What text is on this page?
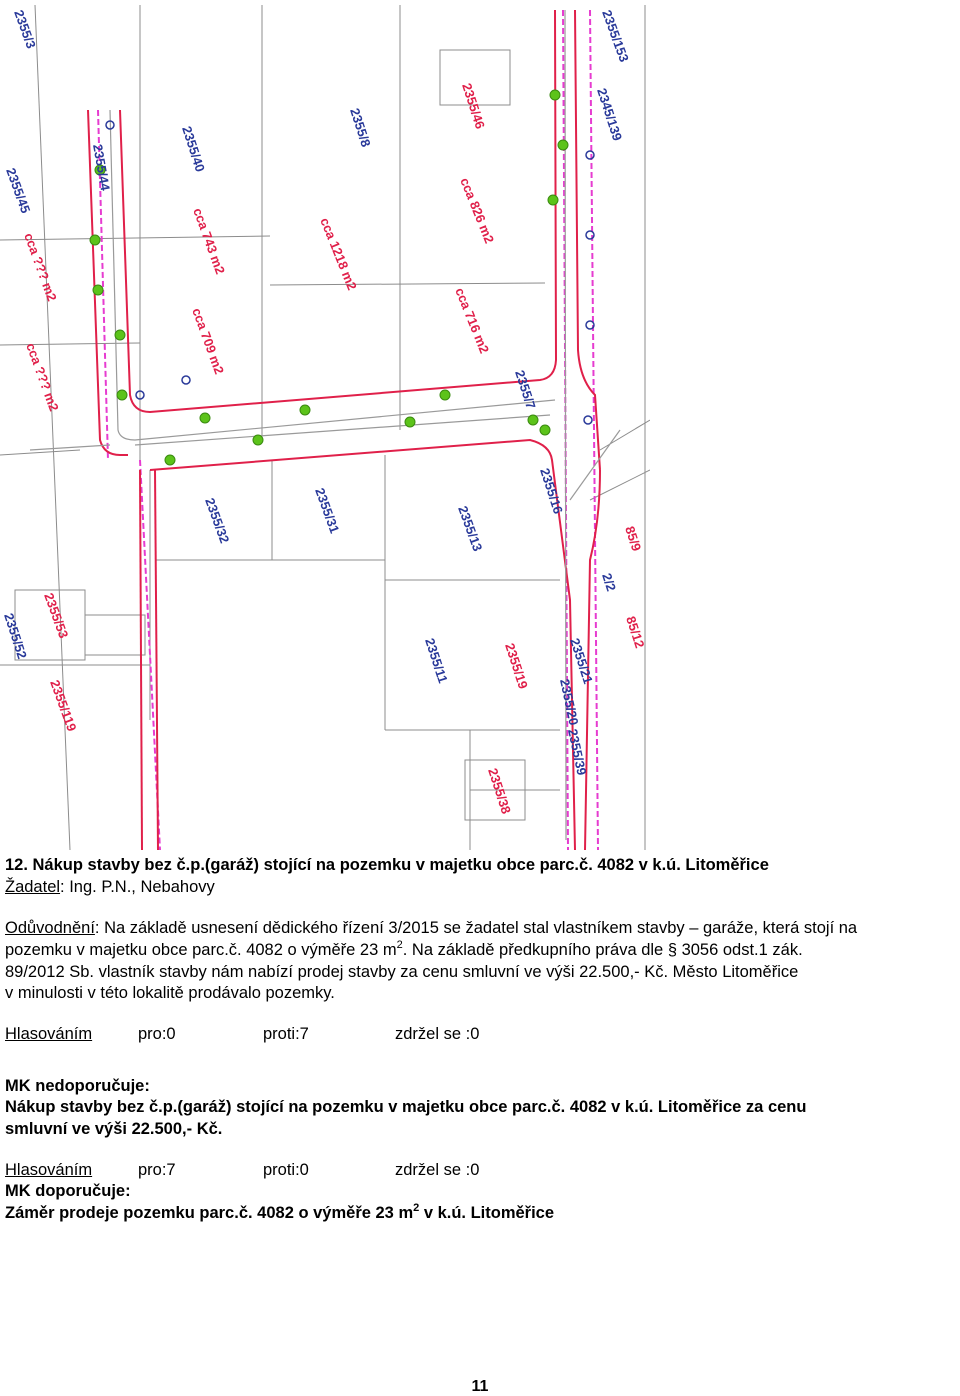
2355/3	2355/153
2355/45	2355/44	2355/40	2355/8	2355/46	2345/139
cca ??? m2	cca 743 m2	cca 1218 m2
cca 826 m2
cca ??? m2	cca 709 m2	cca 716 m2
2355/7
2355/32	2355/31	2355/13
2355/16
85/9
2355/53
2355/52	2355/11	2355/19	2355/21
85/12
2355/119	2355/20
2355/39
2355/38
2/2
12. Nákup stavby bez č.p.(garáž) stojící na pozemku v majetku obce parc.č. 4082 v k.ú. Litoměřice
Žadatel: Ing. P.N., Nebahovy
Odůvodnění: Na základě usnesení dědického řízení 3/2015 se žadatel stal vlastníkem stavby – garáže, která stojí na
pozemku v majetku obce parc.č. 4082 o výměře 23 $m^2$. Na základě předkupního práva dle § 3056 odst.1 zák.
89/2012 Sb. vlastník stavby nám nabízí prodej stavby za cenu smluvní ve výši 22.500,- Kč. Město Litoměřice
v minulosti v této lokalitě prodávalo pozemky.
Hlasováním	pro:0	proti:7	zdržel se :0
MK nedoporučuje:
Nákup stavby bez č.p.(garáž) stojící na pozemku v majetku obce parc.č. 4082 v k.ú. Litoměřice za cenu
smluvní ve výši 22.500,- Kč.
Hlasováním	pro:7	proti:0	zdržel se :0
MK doporučuje:
Záměr prodeje pozemku parc.č. 4082 o výměře 23 $m^2$ v k.ú. Litoměřice
11
